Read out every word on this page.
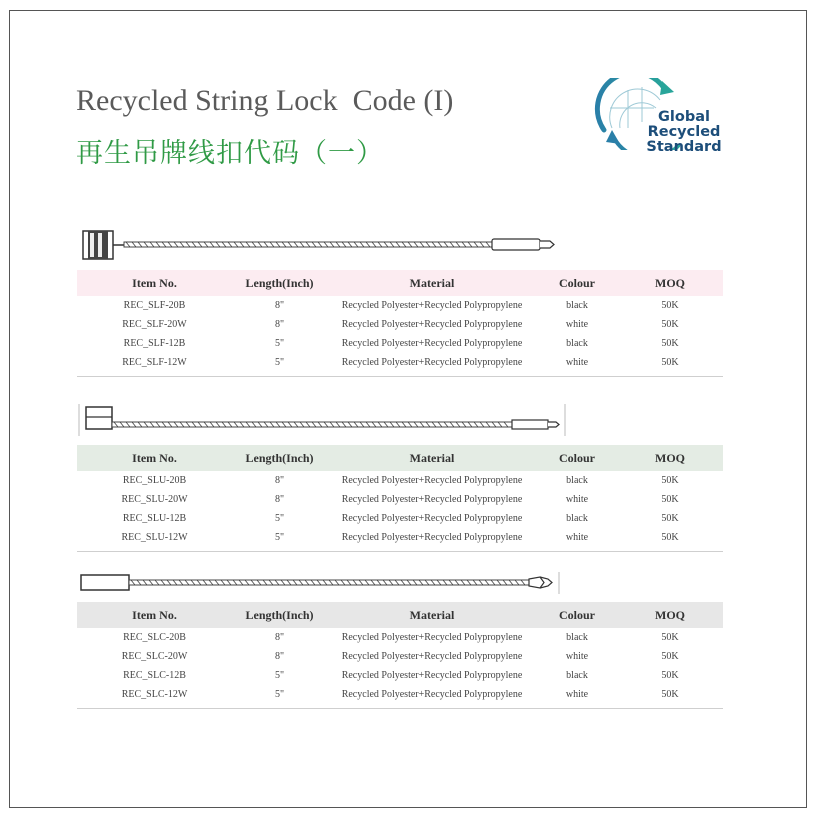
Recycled String Lock  Code (I)
再生吊牌线扣代码（一）
Global Recycled
Standard
Item No.	Length(Inch)	Material	Colour	MOQ
REC_SLF-20B	8"	Recycled Polyester+Recycled Polypropylene	black	50K
REC_SLF-20W	8"	Recycled Polyester+Recycled Polypropylene	white	50K
REC_SLF-12B	5"	Recycled Polyester+Recycled Polypropylene	black	50K
REC_SLF-12W	5"	Recycled Polyester+Recycled Polypropylene	white	50K
Item No.	Length(Inch)	Material	Colour	MOQ
REC_SLU-20B	8"	Recycled Polyester+Recycled Polypropylene	black	50K
REC_SLU-20W	8"	Recycled Polyester+Recycled Polypropylene	white	50K
REC_SLU-12B	5"	Recycled Polyester+Recycled Polypropylene	black	50K
REC_SLU-12W	5"	Recycled Polyester+Recycled Polypropylene	white	50K
Item No.	Length(Inch)	Material	Colour	MOQ
REC_SLC-20B	8"	Recycled Polyester+Recycled Polypropylene	black	50K
REC_SLC-20W	8"	Recycled Polyester+Recycled Polypropylene	white	50K
REC_SLC-12B	5"	Recycled Polyester+Recycled Polypropylene	black	50K
REC_SLC-12W	5"	Recycled Polyester+Recycled Polypropylene	white	50K
